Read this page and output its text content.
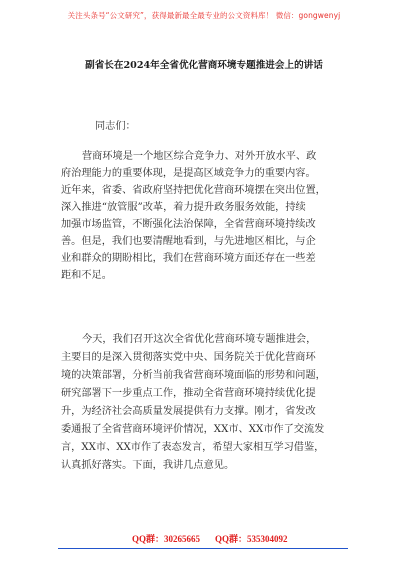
关注头条号“公文研究”，获得最新最全最专业的公文资料库！ 微信：gongwenyj
副省长在2024年全省优化营商环境专题推进会上的讲话
同志们：
营商环境是一个地区综合竞争力、对外开放水平、政
府治理能力的重要体现，是提高区域竞争力的重要内容。
近年来，省委、省政府坚持把优化营商环境摆在突出位置，
深入推进“放管服”改革，着力提升政务服务效能，持续
加强市场监管，不断强化法治保障，全省营商环境持续改
善。但是，我们也要清醒地看到，与先进地区相比，与企
业和群众的期盼相比，我们在营商环境方面还存在一些差
距和不足。
今天，我们召开这次全省优化营商环境专题推进会，
主要目的是深入贯彻落实党中央、国务院关于优化营商环
境的决策部署，分析当前我省营商环境面临的形势和问题，
研究部署下一步重点工作，推动全省营商环境持续优化提
升，为经济社会高质量发展提供有力支撑。刚才，省发改
委通报了全省营商环境评价情况，XX市、XX市作了交流发
言，XX市、XX市作了表态发言，希望大家相互学习借鉴，
认真抓好落实。下面，我讲几点意见。
QQ群：30265665 QQ群：535304092
